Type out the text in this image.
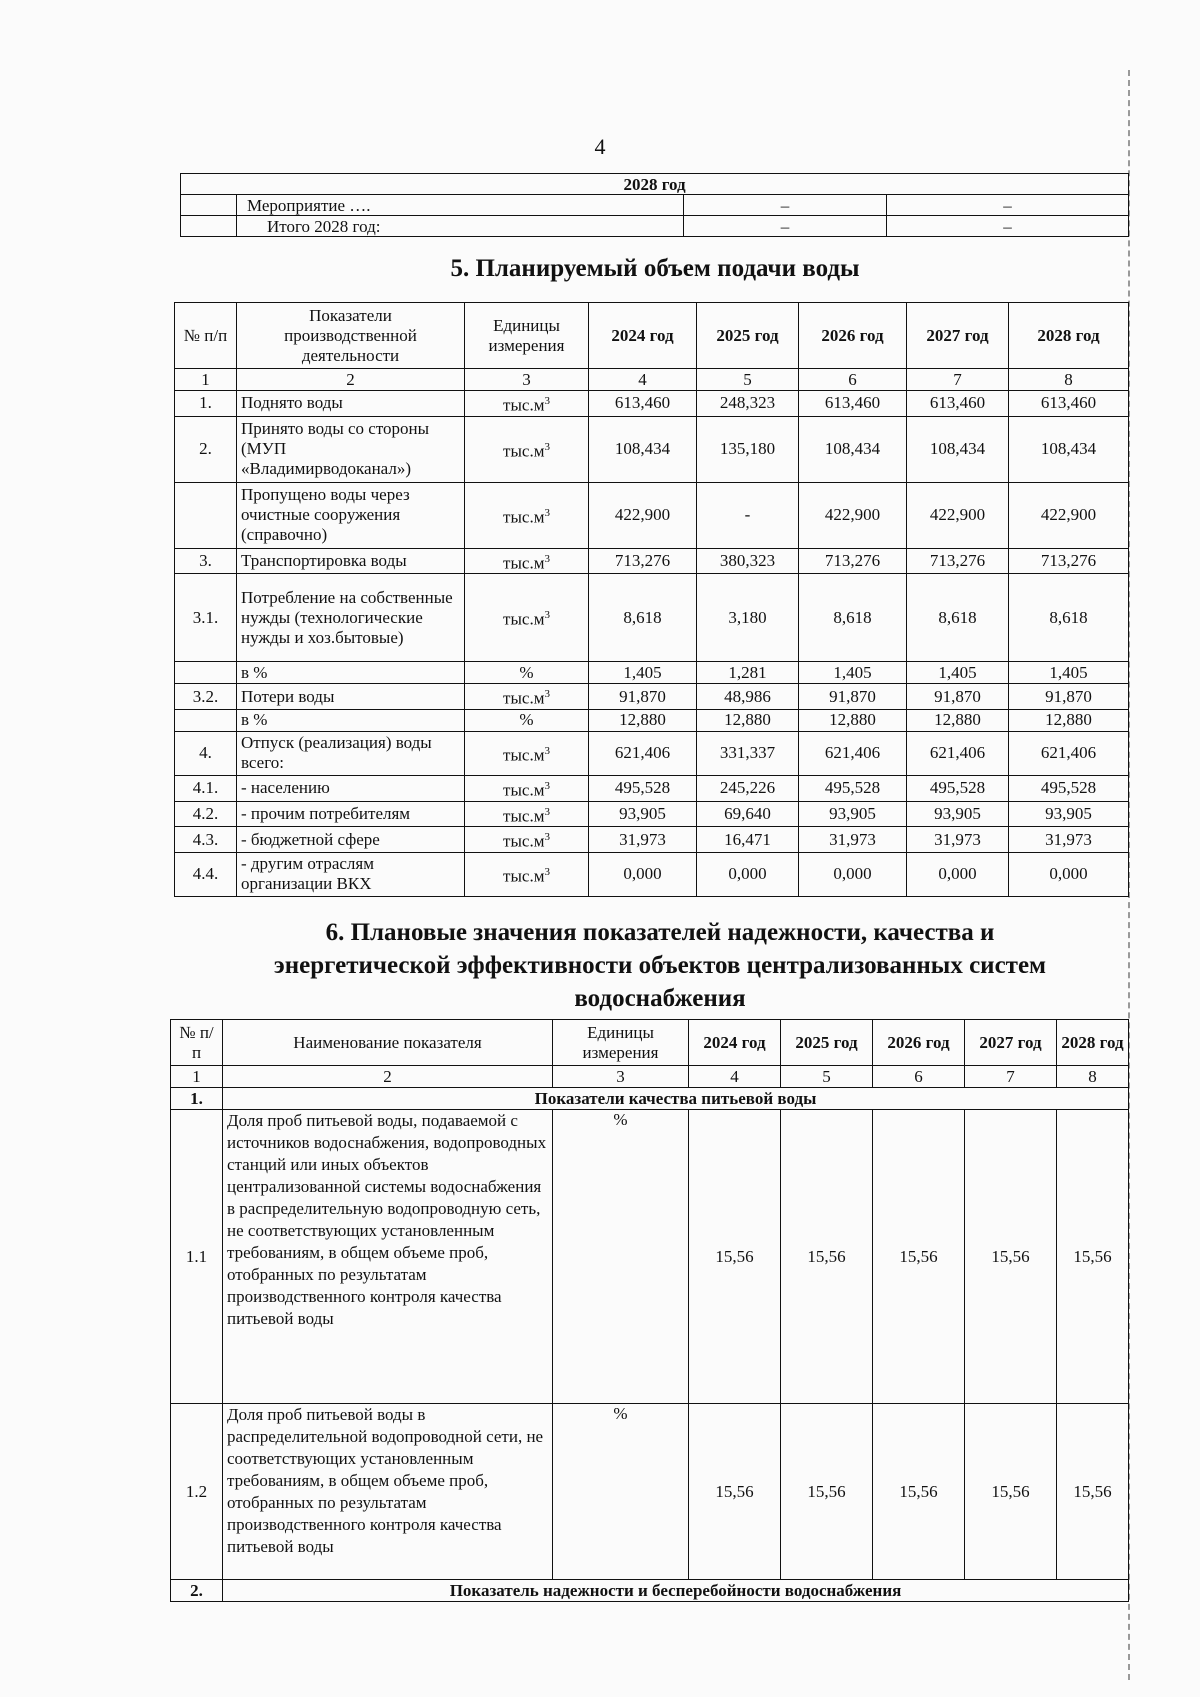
4
2028 год			
	Мероприятие ….	–	–
	Итого 2028 год:	–	–
5. Планируемый объем подачи воды
№ п/п	Показатели производственной деятельности	Единицы измерения	2024 год	2025 год	2026 год	2027 год	2028 год
1	2	3	4	5	6	7	8
1.	Поднято воды	$тыс.м^3$	613,460	248,323	613,460	613,460	613,460
2.	Принято воды со стороны (МУП «Владимирводоканал»)	$тыс.м^3$	108,434	135,180	108,434	108,434	108,434
	Пропущено воды через очистные сооружения (справочно)	$тыс.м^3$	422,900	-	422,900	422,900	422,900
3.	Транспортировка воды	$тыс.м^3$	713,276	380,323	713,276	713,276	713,276
3.1.	Потребление на собственные нужды (технологические нужды и хоз.бытовые)	$тыс.м^3$	8,618	3,180	8,618	8,618	8,618
	в %	%	1,405	1,281	1,405	1,405	1,405
3.2.	Потери воды	$тыс.м^3$	91,870	48,986	91,870	91,870	91,870
	в %	%	12,880	12,880	12,880	12,880	12,880
4.	Отпуск (реализация) воды всего:	$тыс.м^3$	621,406	331,337	621,406	621,406	621,406
4.1.	- населению	$тыс.м^3$	495,528	245,226	495,528	495,528	495,528
4.2.	- прочим потребителям	$тыс.м^3$	93,905	69,640	93,905	93,905	93,905
4.3.	- бюджетной сфере	$тыс.м^3$	31,973	16,471	31,973	31,973	31,973
4.4.	- другим отраслям организации ВКХ	$тыс.м^3$	0,000	0,000	0,000	0,000	0,000
6. Плановые значения показателей надежности, качества и
энергетической эффективности объектов централизованных систем
водоснабжения
№ п/п	Наименование показателя	Единицы измерения	2024 год	2025 год	2026 год	2027 год	2028 год
1	2	3	4	5	6	7	8
1.	Показатели качества питьевой воды						
1.1	Доля проб питьевой воды, подаваемой с источников водоснабжения, водопроводных станций или иных объектов централизованной системы водоснабжения в распределительную водопроводную сеть, не соответствующих установленным требованиям, в общем объеме проб, отобранных по результатам производственного контроля качества питьевой воды	%	15,56	15,56	15,56	15,56	15,56
1.2	Доля проб питьевой воды в распределительной водопроводной сети, не соответствующих установленным требованиям, в общем объеме проб, отобранных по результатам производственного контроля качества питьевой воды	%	15,56	15,56	15,56	15,56	15,56
2.	Показатель надежности и бесперебойности водоснабжения						
